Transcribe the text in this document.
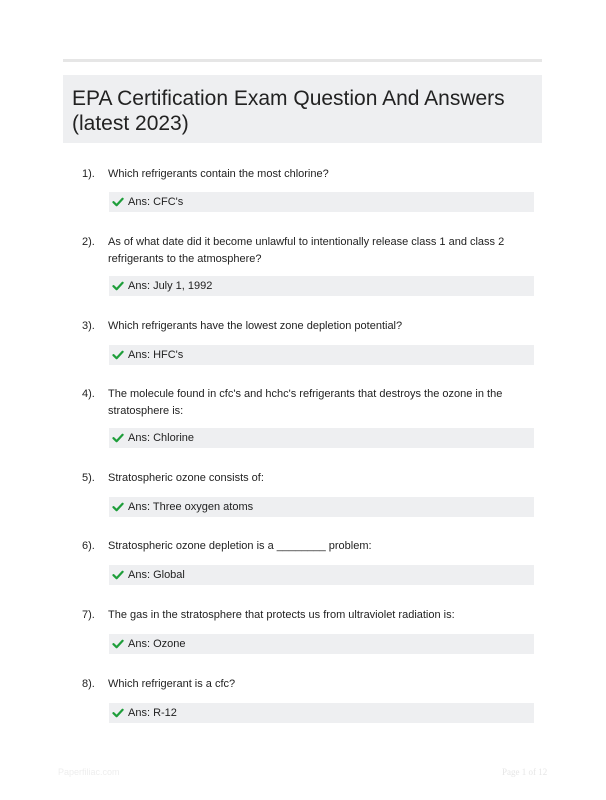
EPA Certification Exam Question And Answers (latest 2023)
1). Which refrigerants contain the most chlorine?

Ans: CFC's
2). As of what date did it become unlawful to intentionally release class 1 and class 2 refrigerants to the atmosphere?

Ans: July 1, 1992
3). Which refrigerants have the lowest zone depletion potential?

Ans: HFC's
4). The molecule found in cfc's and hchc's refrigerants that destroys the ozone in the stratosphere is:

Ans: Chlorine
5). Stratospheric ozone consists of:

Ans: Three oxygen atoms
6). Stratospheric ozone depletion is a ________ problem:

Ans: Global
7). The gas in the stratosphere that protects us from ultraviolet radiation is:

Ans: Ozone
8). Which refrigerant is a cfc?

Ans: R-12
Paperfiliac.com	Page 1 of 12
